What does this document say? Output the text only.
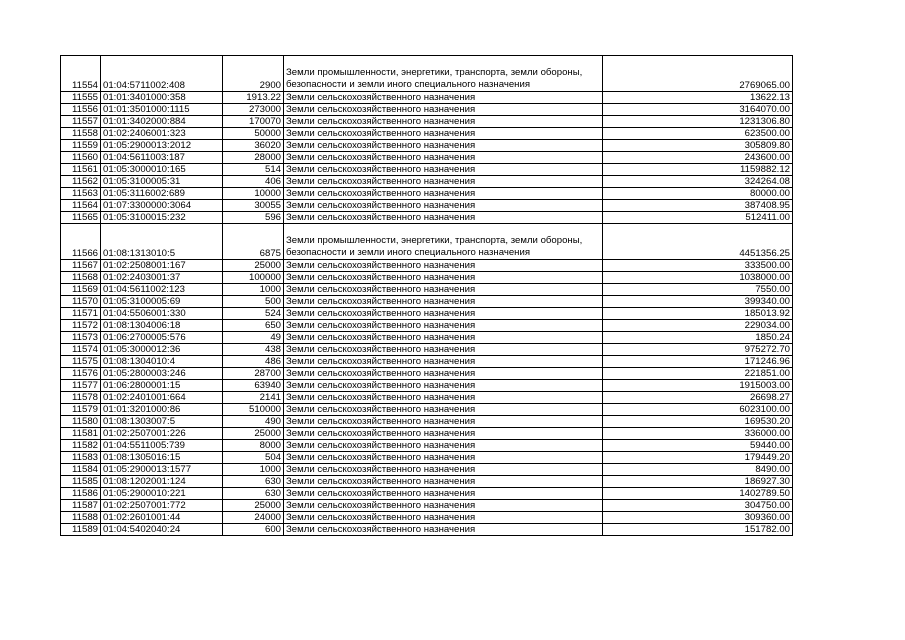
11554	01:04:5711002:408	2900	Земли промышленности, энергетики, транспорта, земли обороны, безопасности и земли иного специального назначения	2769065.00
11555	01:01:3401000:358	1913.22	Земли сельскохозяйственного назначения	13622.13
11556	01:01:3501000:1115	273000	Земли сельскохозяйственного назначения	3164070.00
11557	01:01:3402000:884	170070	Земли сельскохозяйственного назначения	1231306.80
11558	01:02:2406001:323	50000	Земли сельскохозяйственного назначения	623500.00
11559	01:05:2900013:2012	36020	Земли сельскохозяйственного назначения	305809.80
11560	01:04:5611003:187	28000	Земли сельскохозяйственного назначения	243600.00
11561	01:05:3000010:165	514	Земли сельскохозяйственного назначения	1159882.12
11562	01:05:3100005:31	406	Земли сельскохозяйственного назначения	324264.08
11563	01:05:3116002:689	10000	Земли сельскохозяйственного назначения	80000.00
11564	01:07:3300000:3064	30055	Земли сельскохозяйственного назначения	387408.95
11565	01:05:3100015:232	596	Земли сельскохозяйственного назначения	512411.00
11566	01:08:1313010:5	6875	Земли промышленности, энергетики, транспорта, земли обороны, безопасности и земли иного специального назначения	4451356.25
11567	01:02:2508001:167	25000	Земли сельскохозяйственного назначения	333500.00
11568	01:02:2403001:37	100000	Земли сельскохозяйственного назначения	1038000.00
11569	01:04:5611002:123	1000	Земли сельскохозяйственного назначения	7550.00
11570	01:05:3100005:69	500	Земли сельскохозяйственного назначения	399340.00
11571	01:04:5506001:330	524	Земли сельскохозяйственного назначения	185013.92
11572	01:08:1304006:18	650	Земли сельскохозяйственного назначения	229034.00
11573	01:06:2700005:576	49	Земли сельскохозяйственного назначения	1850.24
11574	01:05:3000012:36	438	Земли сельскохозяйственного назначения	975272.70
11575	01:08:1304010:4	486	Земли сельскохозяйственного назначения	171246.96
11576	01:05:2800003:246	28700	Земли сельскохозяйственного назначения	221851.00
11577	01:06:2800001:15	63940	Земли сельскохозяйственного назначения	1915003.00
11578	01:02:2401001:664	2141	Земли сельскохозяйственного назначения	26698.27
11579	01:01:3201000:86	510000	Земли сельскохозяйственного назначения	6023100.00
11580	01:08:1303007:5	490	Земли сельскохозяйственного назначения	169530.20
11581	01:02:2507001:226	25000	Земли сельскохозяйственного назначения	336000.00
11582	01:04:5511005:739	8000	Земли сельскохозяйственного назначения	59440.00
11583	01:08:1305016:15	504	Земли сельскохозяйственного назначения	179449.20
11584	01:05:2900013:1577	1000	Земли сельскохозяйственного назначения	8490.00
11585	01:08:1202001:124	630	Земли сельскохозяйственного назначения	186927.30
11586	01:05:2900010:221	630	Земли сельскохозяйственного назначения	1402789.50
11587	01:02:2507001:772	25000	Земли сельскохозяйственного назначения	304750.00
11588	01:02:2601001:44	24000	Земли сельскохозяйственного назначения	309360.00
11589	01:04:5402040:24	600	Земли сельскохозяйственного назначения	151782.00
